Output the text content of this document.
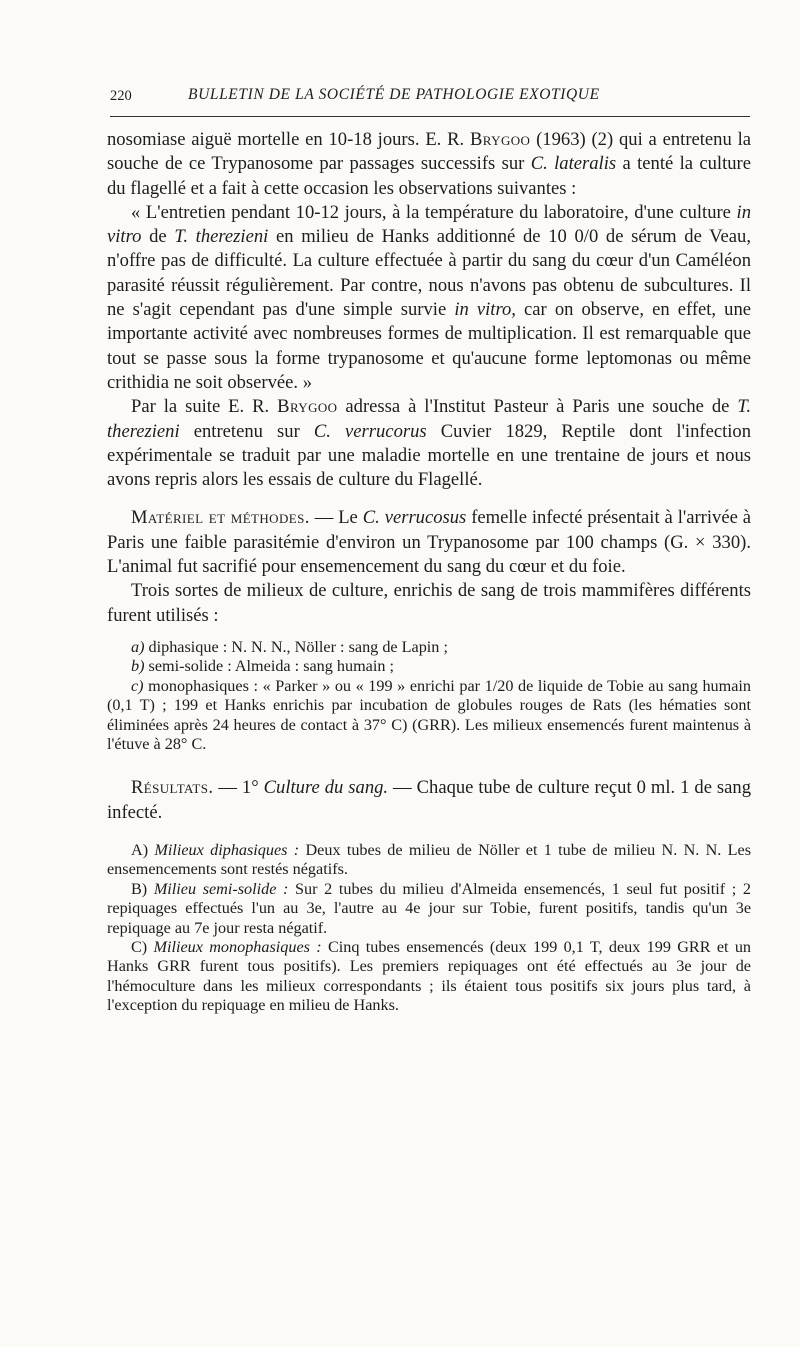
220	BULLETIN DE LA SOCIÉTÉ DE PATHOLOGIE EXOTIQUE

nosomiase aiguë mortelle en 10-18 jours. E. R. Brygoo (1963) (2) qui a entretenu la souche de ce Trypanosome par passages successifs sur C. lateralis a tenté la culture du flagellé et a fait à cette occasion les observations suivantes :

« L'entretien pendant 10-12 jours, à la température du laboratoire, d'une culture in vitro de T. therezieni en milieu de Hanks additionné de 10 0/0 de sérum de Veau, n'offre pas de difficulté. La culture effectuée à partir du sang du cœur d'un Caméléon parasité réussit régulièrement. Par contre, nous n'avons pas obtenu de subcultures. Il ne s'agit cependant pas d'une simple survie in vitro, car on observe, en effet, une importante activité avec nombreuses formes de multiplication. Il est remarquable que tout se passe sous la forme trypanosome et qu'aucune forme leptomonas ou même crithidia ne soit observée. »

Par la suite E. R. Brygoo adressa à l'Institut Pasteur à Paris une souche de T. therezieni entretenu sur C. verrucorus Cuvier 1829, Reptile dont l'infection expérimentale se traduit par une maladie mortelle en une trentaine de jours et nous avons repris alors les essais de culture du Flagellé.

Matériel et méthodes. — Le C. verrucosus femelle infecté présentait à l'arrivée à Paris une faible parasitémie d'environ un Trypanosome par 100 champs (G. × 330). L'animal fut sacrifié pour ensemencement du sang du cœur et du foie.

Trois sortes de milieux de culture, enrichis de sang de trois mammifères différents furent utilisés :

a) diphasique : N. N. N., Nöller : sang de Lapin ;

b) semi-solide : Almeida : sang humain ;

c) monophasiques : « Parker » ou « 199 » enrichi par 1/20 de liquide de Tobie au sang humain (0,1 T) ; 199 et Hanks enrichis par incubation de globules rouges de Rats (les hématies sont éliminées après 24 heures de contact à 37° C) (GRR). Les milieux ensemencés furent maintenus à l'étuve à 28° C.

Résultats. — 1° Culture du sang. — Chaque tube de culture reçut 0 ml. 1 de sang infecté.

A) Milieux diphasiques : Deux tubes de milieu de Nöller et 1 tube de milieu N. N. N. Les ensemencements sont restés négatifs.

B) Milieu semi-solide : Sur 2 tubes du milieu d'Almeida ensemencés, 1 seul fut positif ; 2 repiquages effectués l'un au 3e, l'autre au 4e jour sur Tobie, furent positifs, tandis qu'un 3e repiquage au 7e jour resta négatif.

C) Milieux monophasiques : Cinq tubes ensemencés (deux 199 0,1 T, deux 199 GRR et un Hanks GRR furent tous positifs). Les premiers repiquages ont été effectués au 3e jour de l'hémoculture dans les milieux correspondants ; ils étaient tous positifs six jours plus tard, à l'exception du repiquage en milieu de Hanks.
